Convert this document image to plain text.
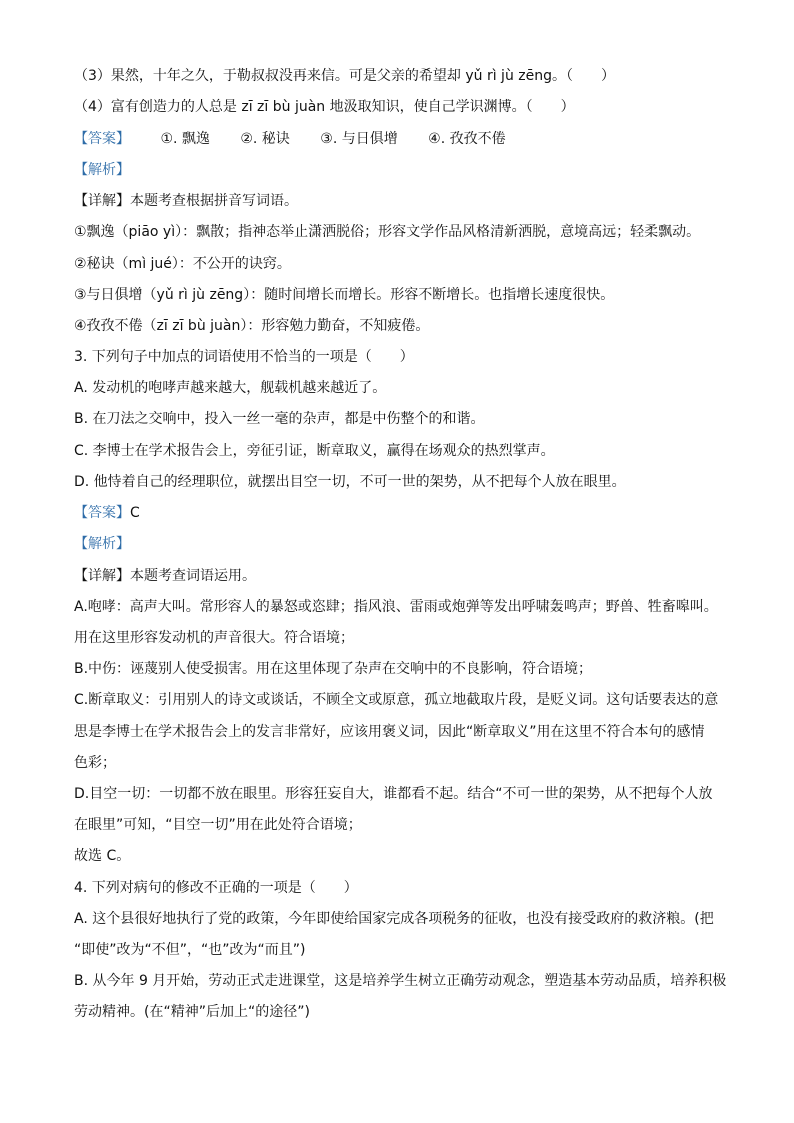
（3）果然，十年之久，于勒叔叔没再来信。可是父亲的希望却 yǔ rì jù zēng。（　　）
（4）富有创造力的人总是 zī zī bù juàn 地汲取知识，使自己学识渊博。（　　）
【答案】 ①. 飘逸 ②. 秘诀 ③. 与日俱增 ④. 孜孜不倦
【解析】
【详解】本题考查根据拼音写词语。
①飘逸（piāo yì）：飘散；指神态举止潇洒脱俗；形容文学作品风格清新洒脱，意境高远；轻柔飘动。
②秘诀（mì jué）：不公开的诀窍。
③与日俱增（yǔ rì jù zēng）：随时间增长而增长。形容不断增长。也指增长速度很快。
④孜孜不倦（zī zī bù juàn）：形容勉力勤奋，不知疲倦。
3. 下列句子中加点的词语使用不恰当的一项是（　　）
A. 发动机的咆哮声越来越大，舰载机越来越近了。
B. 在刀法之交响中，投入一丝一毫的杂声，都是中伤整个的和谐。
C. 李博士在学术报告会上，旁征引证，断章取义，赢得在场观众的热烈掌声。
D. 他恃着自己的经理职位，就摆出目空一切，不可一世的架势，从不把每个人放在眼里。
【答案】C
【解析】
【详解】本题考查词语运用。
A.咆哮：高声大叫。常形容人的暴怒或恣肆；指风浪、雷雨或炮弹等发出呼啸轰鸣声；野兽、牲畜嗥叫。
用在这里形容发动机的声音很大。符合语境；
B.中伤：诬蔑别人使受损害。用在这里体现了杂声在交响中的不良影响，符合语境；
C.断章取义：引用别人的诗文或谈话，不顾全文或原意，孤立地截取片段，是贬义词。这句话要表达的意
思是李博士在学术报告会上的发言非常好，应该用褒义词，因此“断章取义”用在这里不符合本句的感情
色彩；
D.目空一切：一切都不放在眼里。形容狂妄自大，谁都看不起。结合“不可一世的架势，从不把每个人放
在眼里”可知，“目空一切”用在此处符合语境；
故选 C。
4. 下列对病句的修改不正确的一项是（　　）
A. 这个县很好地执行了党的政策，今年即使给国家完成各项税务的征收，也没有接受政府的救济粮。(把
“即使”改为“不但”，“也”改为“而且”)
B. 从今年 9 月开始，劳动正式走进课堂，这是培养学生树立正确劳动观念，塑造基本劳动品质，培养积极
劳动精神。(在“精神”后加上“的途径”)
